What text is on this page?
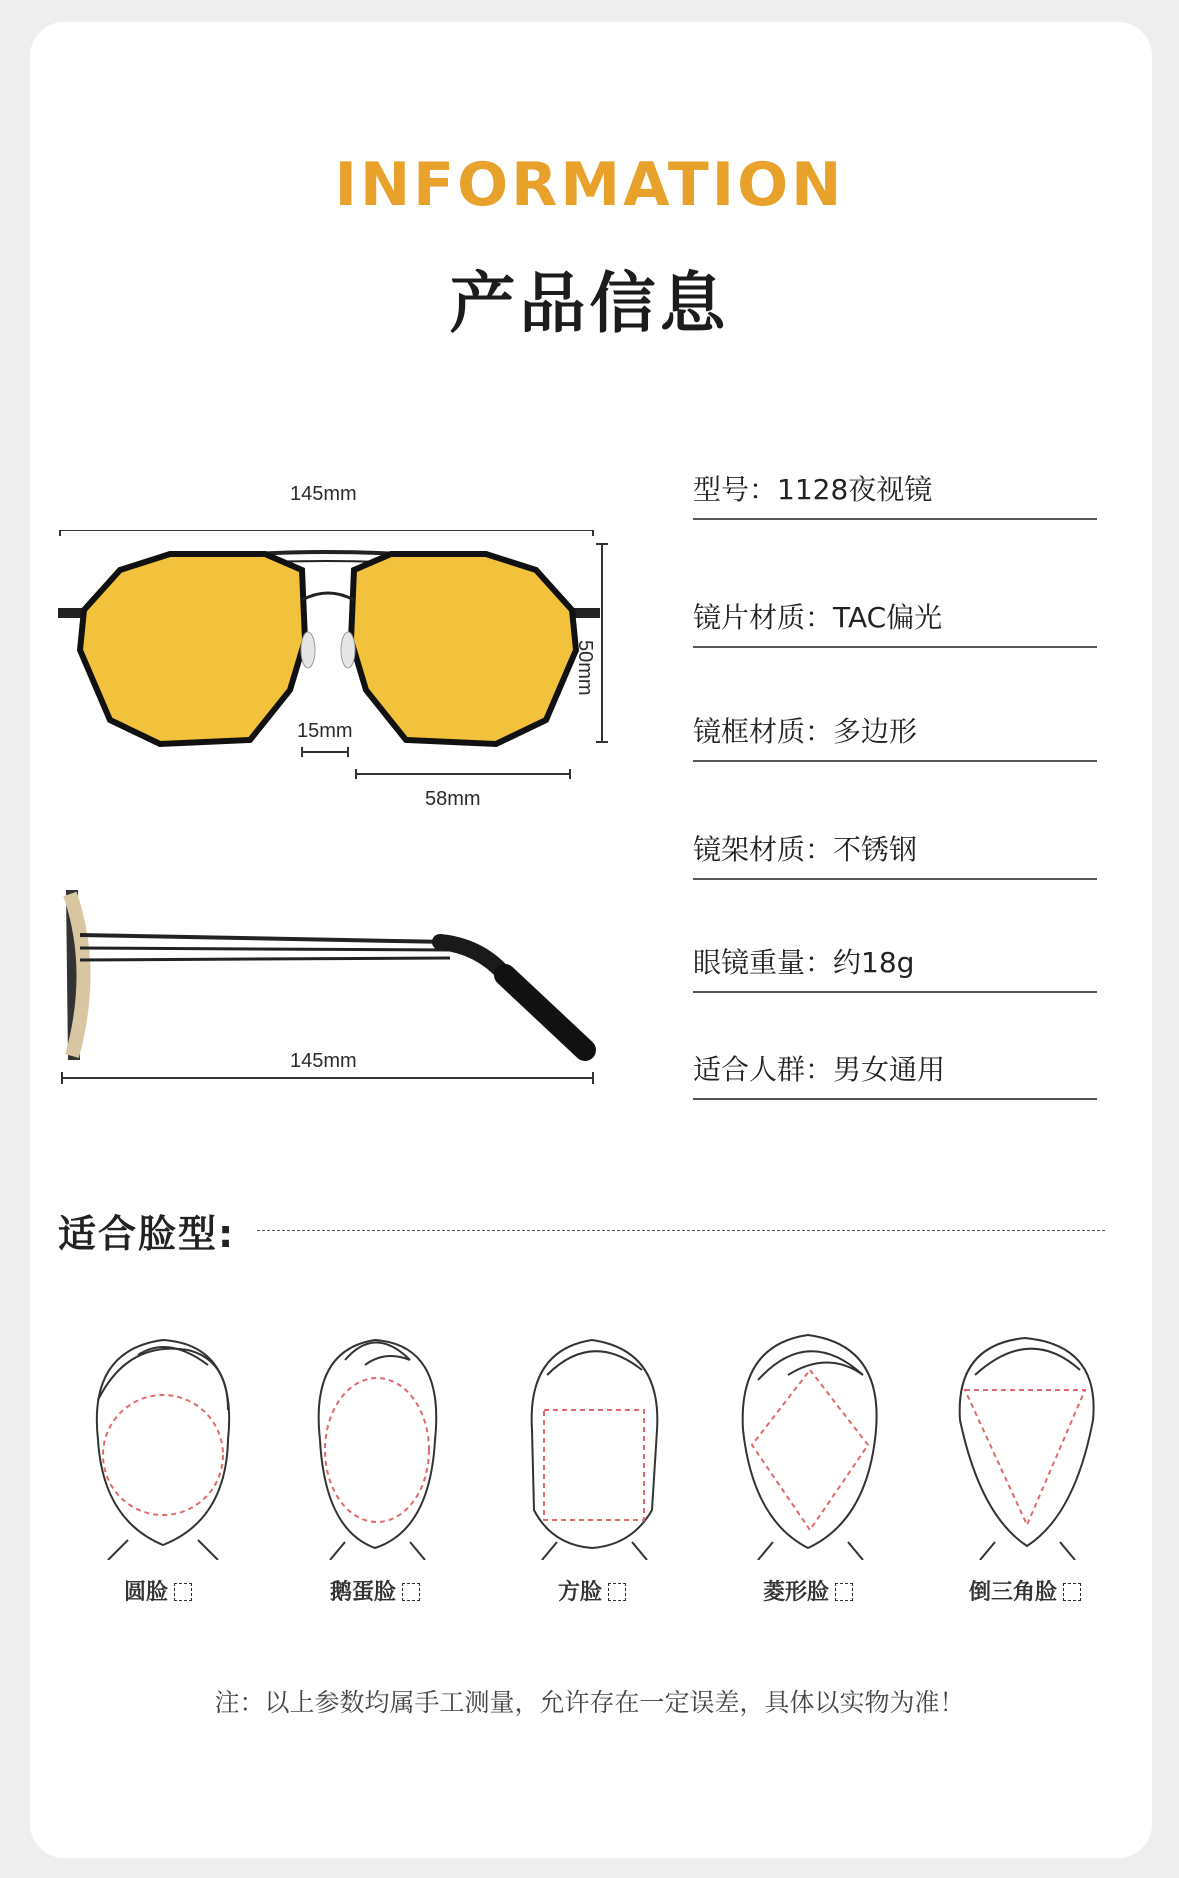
INFORMATION
产品信息
145mm
50mm
15mm
58mm
145mm
型号：1128夜视镜
镜片材质：TAC偏光
镜框材质：多边形
镜架材质：不锈钢
眼镜重量：约18g
适合人群：男女通用
适合脸型:
圆脸	鹅蛋脸	方脸	菱形脸	倒三角脸
注：以上参数均属手工测量，允许存在一定误差，具体以实物为准！
